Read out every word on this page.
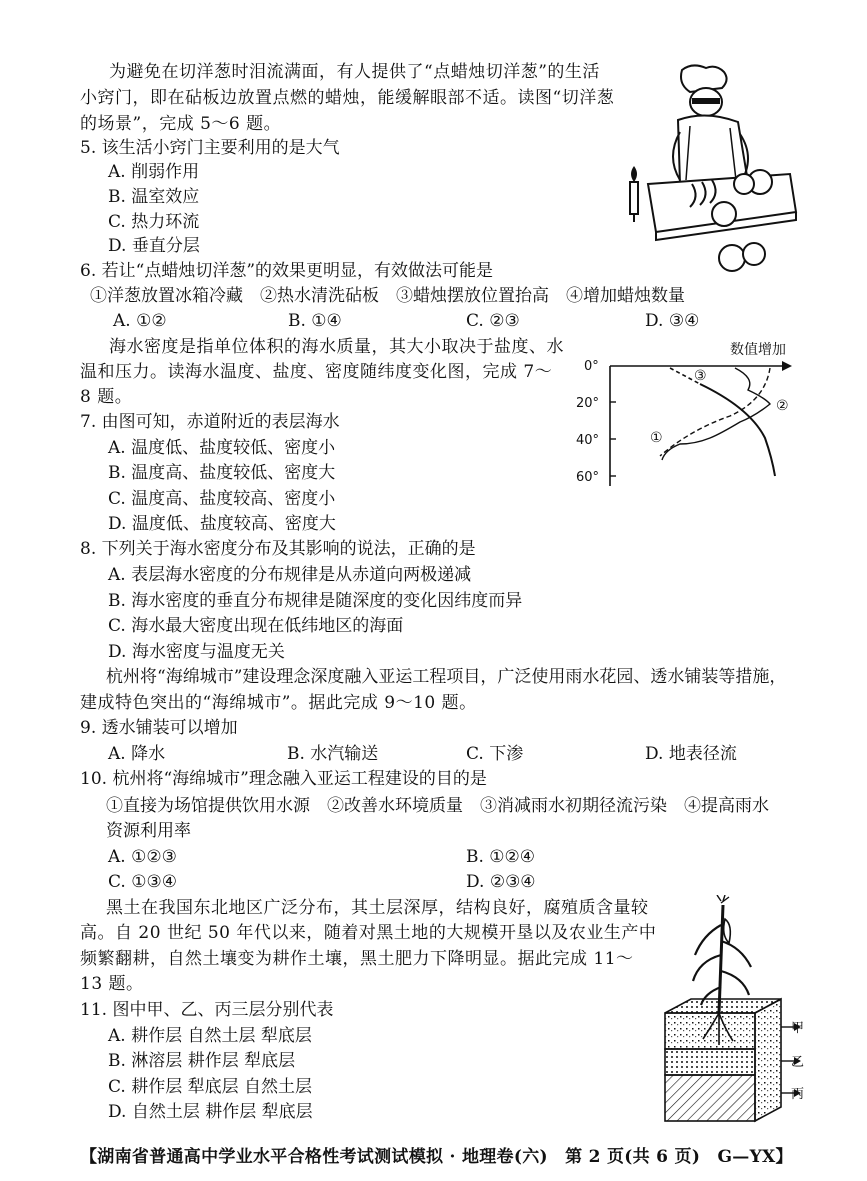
为避免在切洋葱时泪流满面，有人提供了“点蜡烛切洋葱”的生活
小窍门，即在砧板边放置点燃的蜡烛，能缓解眼部不适。读图“切洋葱
的场景”，完成 5～6 题。
5. 该生活小窍门主要利用的是大气
A. 削弱作用
B. 温室效应
C. 热力环流
D. 垂直分层
6. 若让“点蜡烛切洋葱”的效果更明显，有效做法可能是
①洋葱放置冰箱冷藏　②热水清洗砧板　③蜡烛摆放位置抬高　④增加蜡烛数量
A. ①②	B. ①④	C. ②③	D. ③④
海水密度是指单位体积的海水质量，其大小取决于盐度、水
温和压力。读海水温度、盐度、密度随纬度变化图，完成 7～
8 题。
数值增加
0°
20°
40°
60°
①
②
③
7. 由图可知，赤道附近的表层海水
A. 温度低、盐度较低、密度小
B. 温度高、盐度较低、密度大
C. 温度高、盐度较高、密度小
D. 温度低、盐度较高、密度大
8. 下列关于海水密度分布及其影响的说法，正确的是
A. 表层海水密度的分布规律是从赤道向两极递减
B. 海水密度的垂直分布规律是随深度的变化因纬度而异
C. 海水最大密度出现在低纬地区的海面
D. 海水密度与温度无关
杭州将“海绵城市”建设理念深度融入亚运工程项目，广泛使用雨水花园、透水铺装等措施，
建成特色突出的“海绵城市”。据此完成 9～10 题。
9. 透水铺装可以增加
A. 降水	B. 水汽输送	C. 下渗	D. 地表径流
10. 杭州将“海绵城市”理念融入亚运工程建设的目的是
①直接为场馆提供饮用水源　②改善水环境质量　③消减雨水初期径流污染　④提高雨水
资源利用率
A. ①②③	B. ①②④
C. ①③④	D. ②③④
黑土在我国东北地区广泛分布，其土层深厚，结构良好，腐殖质含量较
高。自 20 世纪 50 年代以来，随着对黑土地的大规模开垦以及农业生产中
频繁翻耕，自然土壤变为耕作土壤，黑土肥力下降明显。据此完成 11～
13 题。
11. 图中甲、乙、丙三层分别代表
A. 耕作层 自然土层 犁底层
B. 淋溶层 耕作层 犁底层
C. 耕作层 犁底层 自然土层
D. 自然土层 耕作层 犁底层
甲
乙
丙
【湖南省普通高中学业水平合格性考试测试模拟 · 地理卷(六)　第 2 页(共 6 页)　G—YX】
